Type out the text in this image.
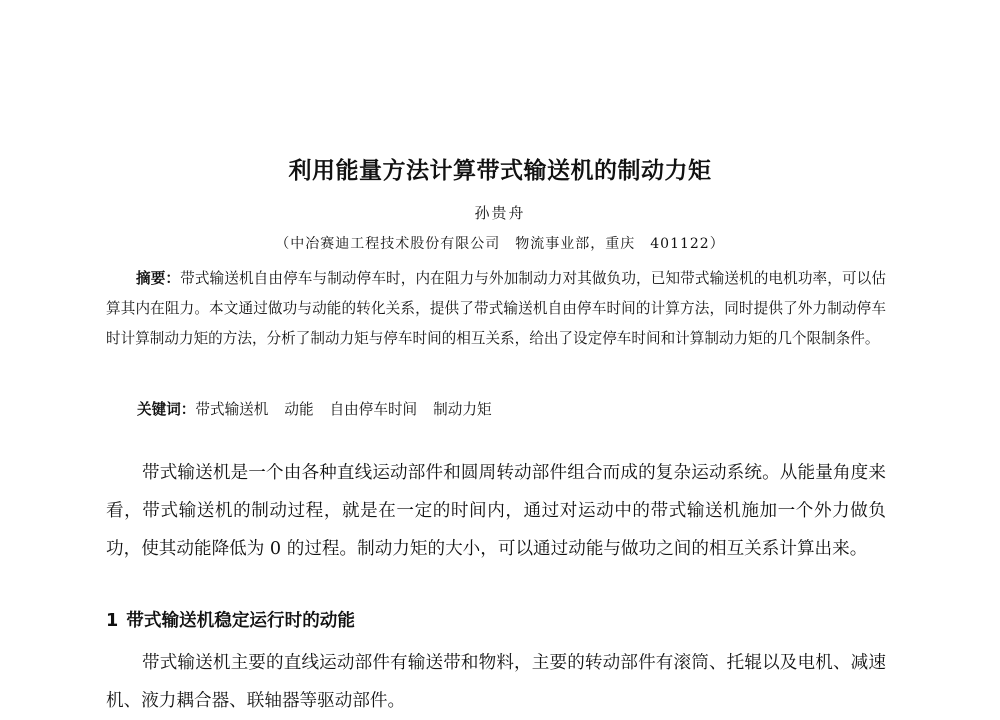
利用能量方法计算带式输送机的制动力矩
孙贵舟
（中冶赛迪工程技术股份有限公司　物流事业部，重庆　401122）
摘要：带式输送机自由停车与制动停车时，内在阻力与外加制动力对其做负功，已知带式输送机的电机功率，可以估算其内在阻力。本文通过做功与动能的转化关系，提供了带式输送机自由停车时间的计算方法，同时提供了外力制动停车时计算制动力矩的方法，分析了制动力矩与停车时间的相互关系，给出了设定停车时间和计算制动力矩的几个限制条件。
关键词：带式输送机 动能 自由停车时间 制动力矩
带式输送机是一个由各种直线运动部件和圆周转动部件组合而成的复杂运动系统。从能量角度来看，带式输送机的制动过程，就是在一定的时间内，通过对运动中的带式输送机施加一个外力做负功，使其动能降低为 0 的过程。制动力矩的大小，可以通过动能与做功之间的相互关系计算出来。
1 带式输送机稳定运行时的动能
带式输送机主要的直线运动部件有输送带和物料，主要的转动部件有滚筒、托辊以及电机、减速机、液力耦合器、联轴器等驱动部件。
